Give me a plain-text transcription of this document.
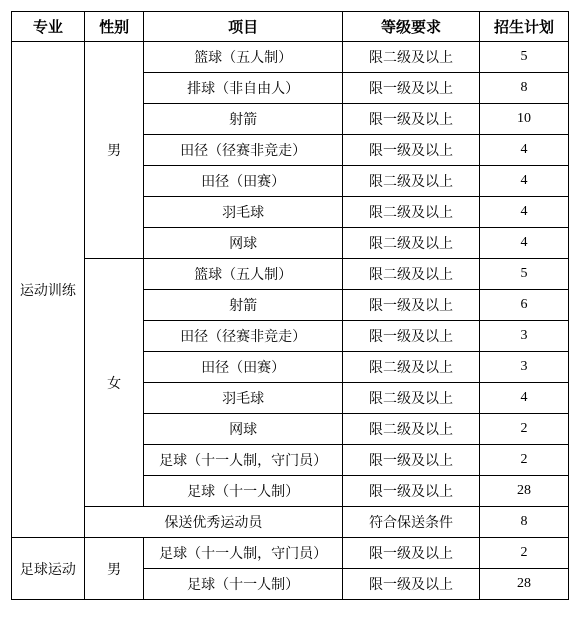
专业	性别	项目	等级要求	招生计划
运动训练	男	篮球（五人制）	限二级及以上	5
		排球（非自由人）	限一级及以上	8
		射箭	限一级及以上	10
		田径（径赛非竞走）	限一级及以上	4
		田径（田赛）	限二级及以上	4
		羽毛球	限二级及以上	4
		网球	限二级及以上	4
	女	篮球（五人制）	限二级及以上	5
		射箭	限一级及以上	6
		田径（径赛非竞走）	限一级及以上	3
		田径（田赛）	限二级及以上	3
		羽毛球	限二级及以上	4
		网球	限二级及以上	2
		足球（十一人制，守门员）	限一级及以上	2
		足球（十一人制）	限一级及以上	28
	保送优秀运动员		符合保送条件	8
足球运动	男	足球（十一人制，守门员）	限一级及以上	2
		足球（十一人制）	限一级及以上	28
